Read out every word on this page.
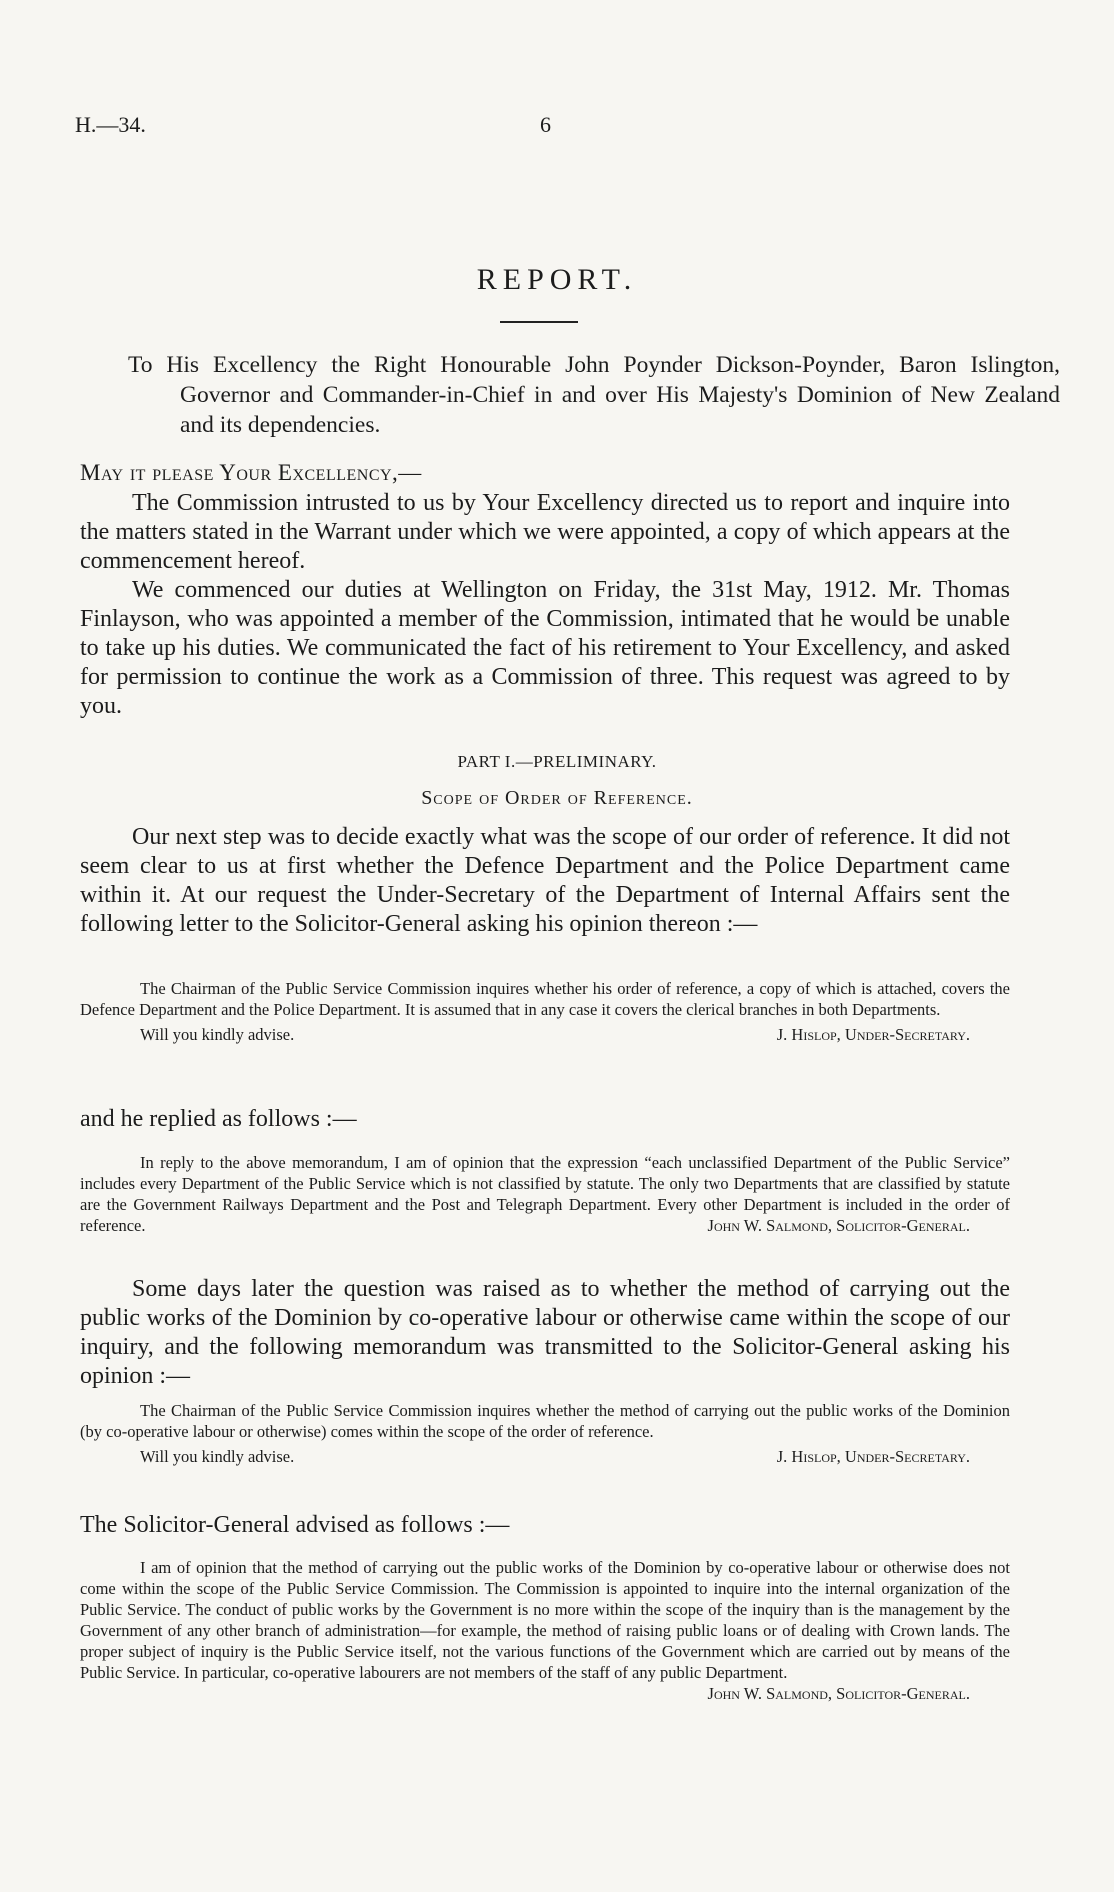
H.—34.	6
REPORT.
To His Excellency the Right Honourable John Poynder Dickson-Poynder, Baron Islington, Governor and Commander-in-Chief in and over His Majesty's Dominion of New Zealand and its dependencies.
May it please Your Excellency,—

The Commission intrusted to us by Your Excellency directed us to report and inquire into the matters stated in the Warrant under which we were appointed, a copy of which appears at the commencement hereof.

We commenced our duties at Wellington on Friday, the 31st May, 1912. Mr. Thomas Finlayson, who was appointed a member of the Commission, intimated that he would be unable to take up his duties. We communicated the fact of his retirement to Your Excellency, and asked for permission to continue the work as a Commission of three. This request was agreed to by you.

PART I.—PRELIMINARY.
Scope of Order of Reference.

Our next step was to decide exactly what was the scope of our order of reference. It did not seem clear to us at first whether the Defence Department and the Police Department came within it. At our request the Under-Secretary of the Department of Internal Affairs sent the following letter to the Solicitor-General asking his opinion thereon :—

The Chairman of the Public Service Commission inquires whether his order of reference, a copy of which is attached, covers the Defence Department and the Police Department. It is assumed that in any case it covers the clerical branches in both Departments.

Will you kindly advise.	J. Hislop, Under-Secretary.
and he replied as follows :—

In reply to the above memorandum, I am of opinion that the expression “each unclassified Department of the Public Service” includes every Department of the Public Service which is not classified by statute. The only two Departments that are classified by statute are the Government Railways Department and the Post and Telegraph Department. Every other Department is included in the order of reference.	John W. Salmond, Solicitor-General.

Some days later the question was raised as to whether the method of carrying out the public works of the Dominion by co-operative labour or otherwise came within the scope of our inquiry, and the following memorandum was transmitted to the Solicitor-General asking his opinion :—

The Chairman of the Public Service Commission inquires whether the method of carrying out the public works of the Dominion (by co-operative labour or otherwise) comes within the scope of the order of reference.

Will you kindly advise.	J. Hislop, Under-Secretary.
The Solicitor-General advised as follows :—

I am of opinion that the method of carrying out the public works of the Dominion by co-operative labour or otherwise does not come within the scope of the Public Service Commission. The Commission is appointed to inquire into the internal organization of the Public Service. The conduct of public works by the Government is no more within the scope of the inquiry than is the management by the Government of any other branch of administration—for example, the method of raising public loans or of dealing with Crown lands. The proper subject of inquiry is the Public Service itself, not the various functions of the Government which are carried out by means of the Public Service. In particular, co-operative labourers are not members of the staff of any public Department.
John W. Salmond, Solicitor-General.
